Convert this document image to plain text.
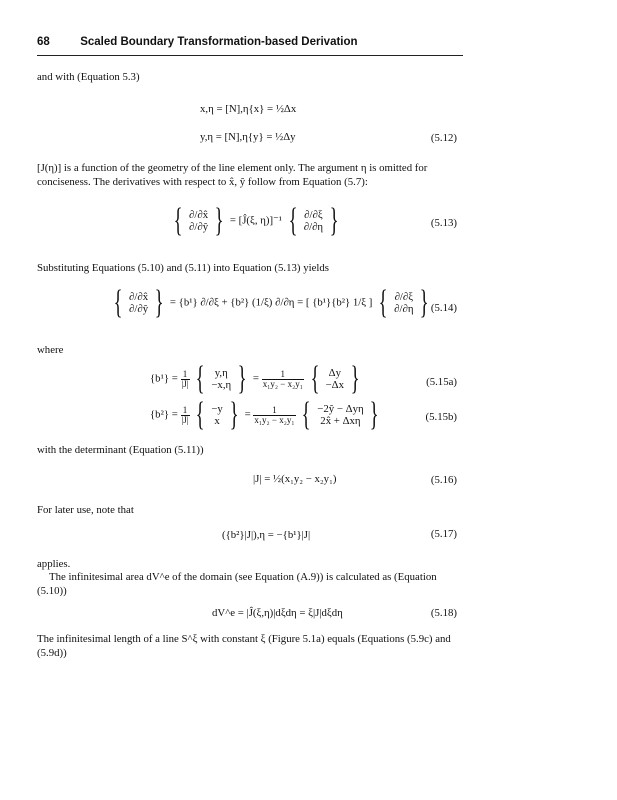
68	Scaled Boundary Transformation-based Derivation
and with (Equation 5.3)
x,η = [N],η{x} = ½Δx
y,η = [N],η{y} = ½Δy	(5.12)
[J(η)] is a function of the geometry of the line element only. The argument η is omitted for conciseness. The derivatives with respect to x̂, ŷ follow from Equation (5.7):
{ ∂/∂x̂
∂/∂ŷ } = [Ĵ(ξ, η)]⁻¹ { ∂/∂ξ
∂/∂η }	(5.13)
Substituting Equations (5.10) and (5.11) into Equation (5.13) yields
{ ∂/∂x̂
∂/∂ŷ } = {b¹} ∂/∂ξ + {b²} (1/ξ) ∂/∂η = [ {b¹}{b²} 1/ξ ] { ∂/∂ξ
∂/∂η } (5.14)
where
$\{b^1\} = \frac{1}{|J|}$ { y,η
−x,η } = $\frac{1}{\text{x₁y₂ − x₂y₁}}$ { Δy
−Δx }	(5.15a)
$\{b^2\} = \frac{1}{|J|}$ { −y
x } = $\frac{1}{\text{x₁y₂ − x₂y₁}}$ { −2ŷ − Δyη
2x̂ + Δxη }	(5.15b)
with the determinant (Equation (5.11))
|J| = ½(x₁y₂ − x₂y₁)	(5.16)
For later use, note that
({b²}|J|),η = −{b¹}|J|	(5.17)
applies.
The infinitesimal area dV^e of the domain (see Equation (A.9)) is calculated as (Equation (5.10))
dV^e = |Ĵ(ξ,η)|dξdη = ξ|J|dξdη	(5.18)
The infinitesimal length of a line S^ξ with constant ξ (Figure 5.1a) equals (Equations (5.9c) and (5.9d))
